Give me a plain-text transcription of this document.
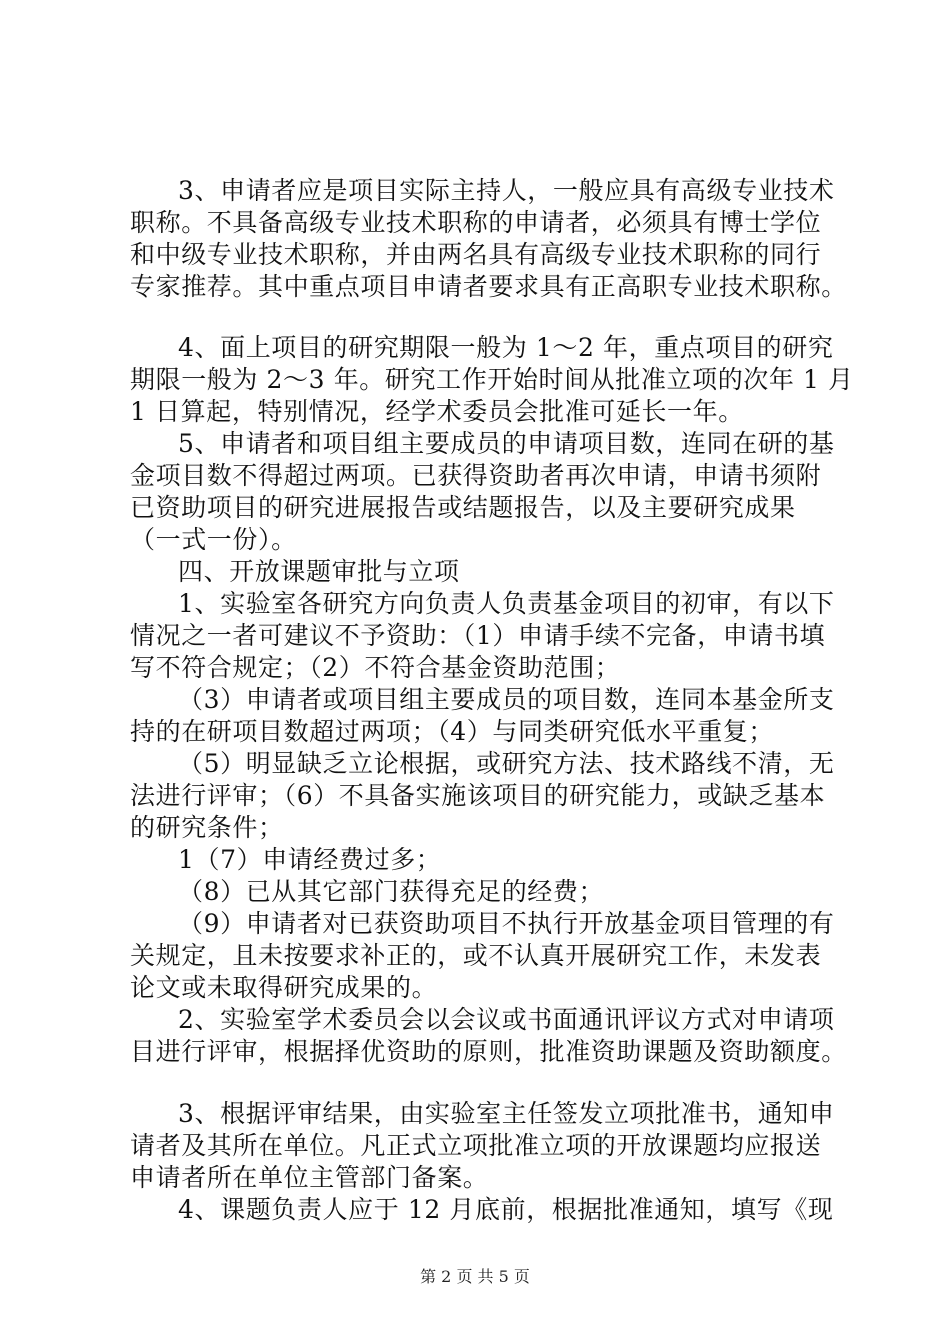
3、申请者应是项目实际主持人，一般应具有高级专业技术
职称。不具备高级专业技术职称的申请者，必须具有博士学位
和中级专业技术职称，并由两名具有高级专业技术职称的同行
专家推荐。其中重点项目申请者要求具有正高职专业技术职称。
4、面上项目的研究期限一般为 1～2 年，重点项目的研究
期限一般为 2～3 年。研究工作开始时间从批准立项的次年 1 月
1 日算起，特别情况，经学术委员会批准可延长一年。
5、申请者和项目组主要成员的申请项目数，连同在研的基
金项目数不得超过两项。已获得资助者再次申请，申请书须附
已资助项目的研究进展报告或结题报告，以及主要研究成果
（一式一份）。
四、开放课题审批与立项
1、实验室各研究方向负责人负责基金项目的初审，有以下
情况之一者可建议不予资助：（1）申请手续不完备，申请书填
写不符合规定；（2）不符合基金资助范围；
（3）申请者或项目组主要成员的项目数，连同本基金所支
持的在研项目数超过两项；（4）与同类研究低水平重复；
（5）明显缺乏立论根据，或研究方法、技术路线不清，无
法进行评审；（6）不具备实施该项目的研究能力，或缺乏基本
的研究条件；
1（7）申请经费过多；
（8）已从其它部门获得充足的经费；
（9）申请者对已获资助项目不执行开放基金项目管理的有
关规定，且未按要求补正的，或不认真开展研究工作，未发表
论文或未取得研究成果的。
2、实验室学术委员会以会议或书面通讯评议方式对申请项
目进行评审，根据择优资助的原则，批准资助课题及资助额度。
3、根据评审结果，由实验室主任签发立项批准书，通知申
请者及其所在单位。凡正式立项批准立项的开放课题均应报送
申请者所在单位主管部门备案。
4、课题负责人应于 12 月底前，根据批准通知，填写《现
第 2 页 共 5 页
